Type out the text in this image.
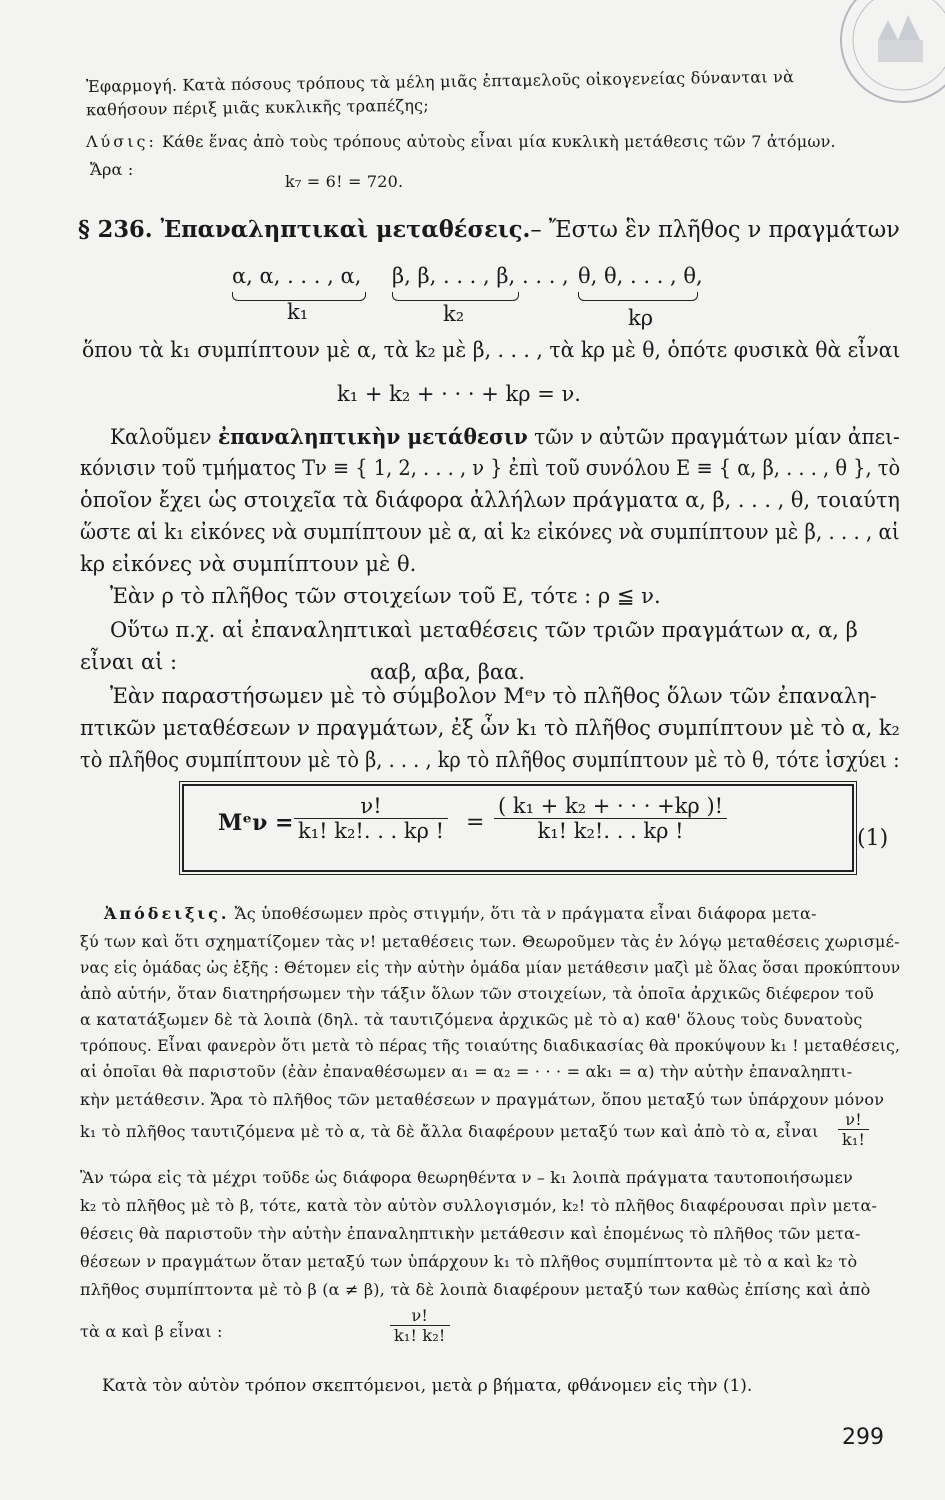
Ἐφαρμογή. Κατὰ πόσους τρόπους τὰ μέλη μιᾶς ἑπταμελοῦς οἰκογενείας δύνανται νὰ
καθήσουν πέριξ μιᾶς κυκλικῆς τραπέζης;
Λύσις: Κάθε ἕνας ἀπὸ τοὺς τρόπους αὐτοὺς εἶναι μία κυκλικὴ μετάθεσις τῶν 7 ἀτόμων.
Ἄρα :
k₇ = 6! = 720.
§ 236. Ἐπαναληπτικαὶ μεταθέσεις.– Ἔστω ἓν πλῆθος ν πραγμάτων
α, α, . . . , α,
k₁
β, β, . . . , β,
k₂
. . . , θ, θ, . . . , θ,
kρ
ὅπου τὰ k₁ συμπίπτουν μὲ α, τὰ k₂ μὲ β, . . . , τὰ kρ μὲ θ, ὁπότε φυσικὰ θὰ εἶναι
k₁ + k₂ + · · · + kρ = ν.
Καλοῦμεν ἐπαναληπτικὴν μετάθεσιν τῶν ν αὐτῶν πραγμάτων μίαν ἀπει-
κόνισιν τοῦ τμήματος Tν ≡ { 1, 2, . . . , ν } ἐπὶ τοῦ συνόλου E ≡ { α, β, . . . , θ }, τὸ
ὁποῖον ἔχει ὡς στοιχεῖα τὰ διάφορα ἀλλήλων πράγματα α, β, . . . , θ, τοιαύτη
ὥστε αἱ k₁ εἰκόνες νὰ συμπίπτουν μὲ α, αἱ k₂ εἰκόνες νὰ συμπίπτουν μὲ β, . . . , αἱ
kρ εἰκόνες νὰ συμπίπτουν μὲ θ.
Ἐὰν ρ τὸ πλῆθος τῶν στοιχείων τοῦ E, τότε : ρ ≦ ν.
Οὕτω π.χ. αἱ ἐπαναληπτικαὶ μεταθέσεις τῶν τριῶν πραγμάτων α, α, β
εἶναι αἱ :	ααβ, αβα, βαα.
Ἐὰν παραστήσωμεν μὲ τὸ σύμβολον Mᵉν τὸ πλῆθος ὅλων τῶν ἐπαναλη-
πτικῶν μεταθέσεων ν πραγμάτων, ἐξ ὧν k₁ τὸ πλῆθος συμπίπτουν μὲ τὸ α, k₂
τὸ πλῆθος συμπίπτουν μὲ τὸ β, . . . , kρ τὸ πλῆθος συμπίπτουν μὲ τὸ θ, τότε ἰσχύει :
Mᵉν = $\frac{\nu!}{\text{k₁! k₂!. . . kρ !}} = \frac{\text{( k₁ + k₂ + · · · +kρ )!}}{\text{k₁! k₂!. . . kρ !}}$	(1)
Ἀπόδειξις. Ἄς ὑποθέσωμεν πρὸς στιγμήν, ὅτι τὰ ν πράγματα εἶναι διάφορα μετα-
ξύ των καὶ ὅτι σχηματίζομεν τὰς ν! μεταθέσεις των. Θεωροῦμεν τὰς ἐν λόγῳ μεταθέσεις χωρισμέ-
νας εἰς ὁμάδας ὡς ἑξῆς : Θέτομεν εἰς τὴν αὐτὴν ὁμάδα μίαν μετάθεσιν μαζὶ μὲ ὅλας ὅσαι προκύπτουν
ἀπὸ αὐτήν, ὅταν διατηρήσωμεν τὴν τάξιν ὅλων τῶν στοιχείων, τὰ ὁποῖα ἀρχικῶς διέφερον τοῦ
α κατατάξωμεν δὲ τὰ λοιπὰ (δηλ. τὰ ταυτιζόμενα ἀρχικῶς μὲ τὸ α) καθ' ὅλους τοὺς δυνατοὺς
τρόπους. Εἶναι φανερὸν ὅτι μετὰ τὸ πέρας τῆς τοιαύτης διαδικασίας θὰ προκύψουν k₁ ! μεταθέσεις,
αἱ ὁποῖαι θὰ παριστοῦν (ἐὰν ἐπαναθέσωμεν α₁ = α₂ = · · · = αk₁ = α) τὴν αὐτὴν ἐπαναληπτι-
κὴν μετάθεσιν. Ἄρα τὸ πλῆθος τῶν μεταθέσεων ν πραγμάτων, ὅπου μεταξύ των ὑπάρχουν μόνον
k₁ τὸ πλῆθος ταυτιζόμενα μὲ τὸ α, τὰ δὲ ἄλλα διαφέρουν μεταξύ των καὶ ἀπὸ τὸ α, εἶναι $\frac{\nu!}{\text{k₁!}}$
Ἂν τώρα εἰς τὰ μέχρι τοῦδε ὡς διάφορα θεωρηθέντα ν – k₁ λοιπὰ πράγματα ταυτοποιήσωμεν
k₂ τὸ πλῆθος μὲ τὸ β, τότε, κατὰ τὸν αὐτὸν συλλογισμόν, k₂! τὸ πλῆθος διαφέρουσαι πρὶν μετα-
θέσεις θὰ παριστοῦν τὴν αὐτὴν ἐπαναληπτικὴν μετάθεσιν καὶ ἑπομένως τὸ πλῆθος τῶν μετα-
θέσεων ν πραγμάτων ὅταν μεταξύ των ὑπάρχουν k₁ τὸ πλῆθος συμπίπτοντα μὲ τὸ α καὶ k₂ τὸ
πλῆθος συμπίπτοντα μὲ τὸ β (α ≠ β), τὰ δὲ λοιπὰ διαφέρουν μεταξύ των καθὼς ἐπίσης καὶ ἀπὸ
τὰ α καὶ β εἶναι :	$\frac{\nu!}{\text{k₁! k₂!}}$
Κατὰ τὸν αὐτὸν τρόπον σκεπτόμενοι, μετὰ ρ βήματα, φθάνομεν εἰς τὴν (1).
299
